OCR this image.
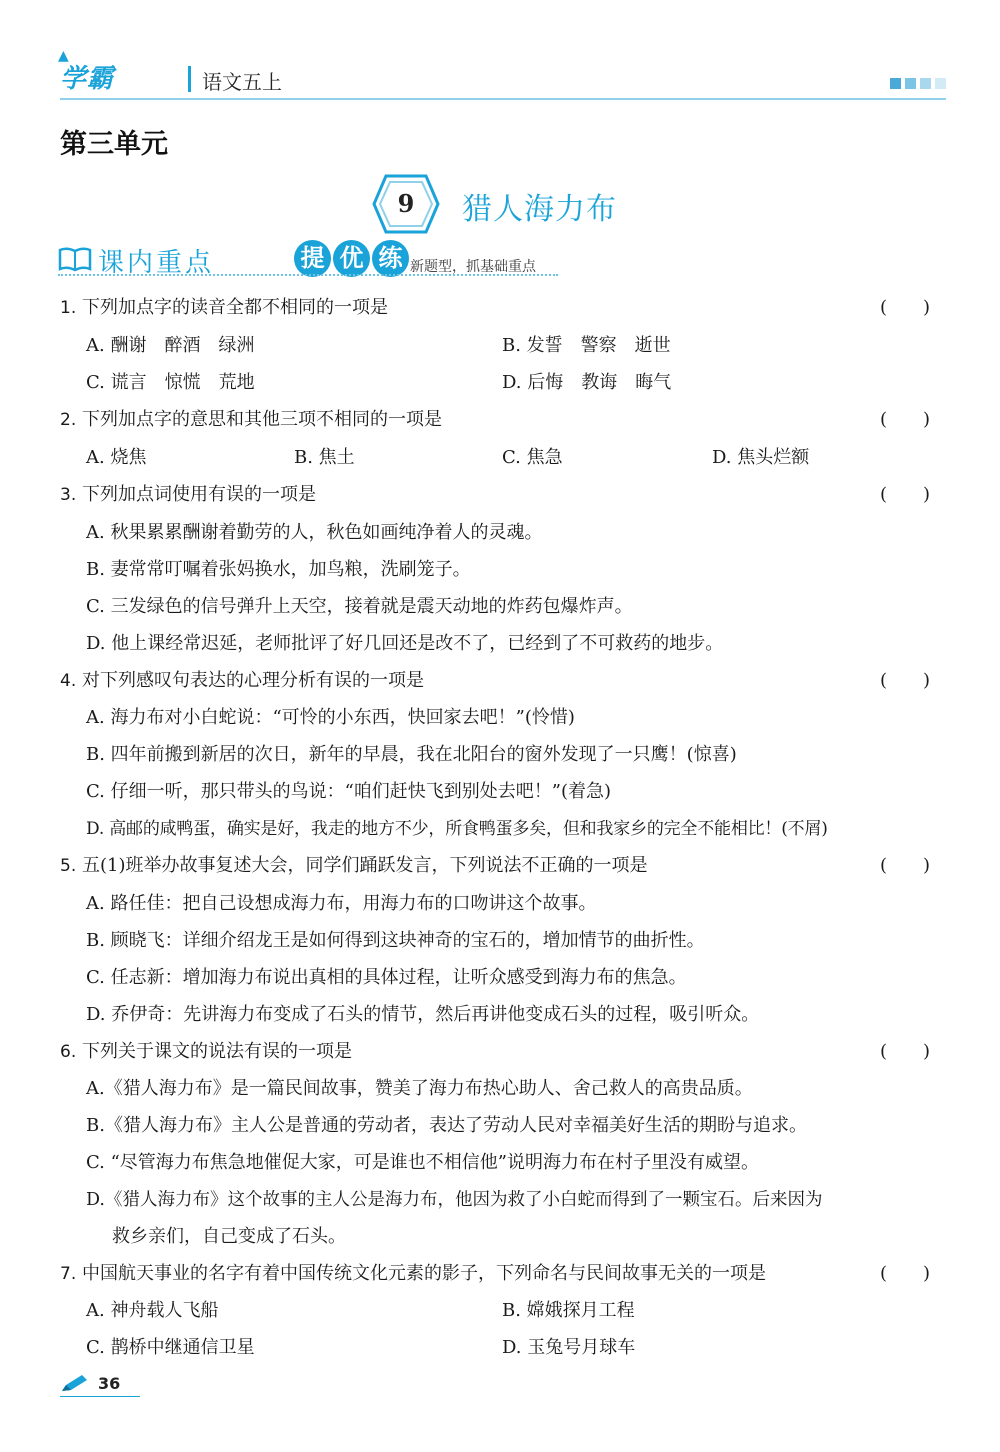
▲
学霸	语文五上
第三单元
9	猎人海力布
课内重点	提 优 练 新题型，抓基础重点
1. 下列加点字的读音全都不相同的一项是	(　　)
A. 酬谢　醉酒　绿洲	B. 发誓　警察　逝世
C. 谎言　惊慌　荒地	D. 后悔　教诲　晦气
2. 下列加点字的意思和其他三项不相同的一项是	(　　)
A. 烧焦	B. 焦土	C. 焦急	D. 焦头烂额
3. 下列加点词使用有误的一项是	(　　)
A. 秋果累累酬谢着勤劳的人，秋色如画纯净着人的灵魂。
B. 妻常常叮嘱着张妈换水，加鸟粮，洗刷笼子。
C. 三发绿色的信号弹升上天空，接着就是震天动地的炸药包爆炸声。
D. 他上课经常迟延，老师批评了好几回还是改不了，已经到了不可救药的地步。
4. 对下列感叹句表达的心理分析有误的一项是	(　　)
A. 海力布对小白蛇说：“可怜的小东西，快回家去吧！”(怜惜)
B. 四年前搬到新居的次日，新年的早晨，我在北阳台的窗外发现了一只鹰！(惊喜)
C. 仔细一听，那只带头的鸟说：“咱们赶快飞到别处去吧！”(着急)
D. 高邮的咸鸭蛋，确实是好，我走的地方不少，所食鸭蛋多矣，但和我家乡的完全不能相比！(不屑)
5. 五(1)班举办故事复述大会，同学们踊跃发言，下列说法不正确的一项是	(　　)
A. 路任佳：把自己设想成海力布，用海力布的口吻讲这个故事。
B. 顾晓飞：详细介绍龙王是如何得到这块神奇的宝石的，增加情节的曲折性。
C. 任志新：增加海力布说出真相的具体过程，让听众感受到海力布的焦急。
D. 乔伊奇：先讲海力布变成了石头的情节，然后再讲他变成石头的过程，吸引听众。
6. 下列关于课文的说法有误的一项是	(　　)
A.《猎人海力布》是一篇民间故事，赞美了海力布热心助人、舍己救人的高贵品质。
B.《猎人海力布》主人公是普通的劳动者，表达了劳动人民对幸福美好生活的期盼与追求。
C. “尽管海力布焦急地催促大家，可是谁也不相信他”说明海力布在村子里没有威望。
D.《猎人海力布》这个故事的主人公是海力布，他因为救了小白蛇而得到了一颗宝石。后来因为
救乡亲们，自己变成了石头。
7. 中国航天事业的名字有着中国传统文化元素的影子，下列命名与民间故事无关的一项是	(　　)
A. 神舟载人飞船	B. 嫦娥探月工程
C. 鹊桥中继通信卫星	D. 玉兔号月球车
36
